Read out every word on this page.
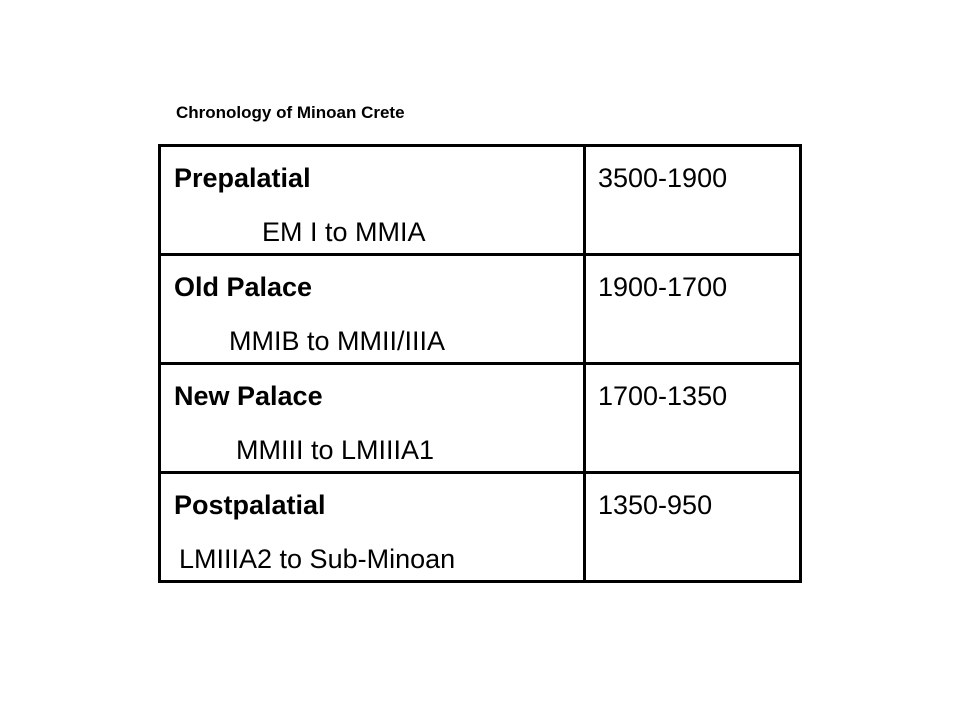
Chronology of Minoan Crete
Prepalatial
EM I to MMIA	3500-1900

Old Palace
MMIB to MMII/IIIA	1900-1700

New Palace
MMIII to LMIIIA1	1700-1350

Postpalatial
LMIIIA2 to Sub-Minoan	1350-950
